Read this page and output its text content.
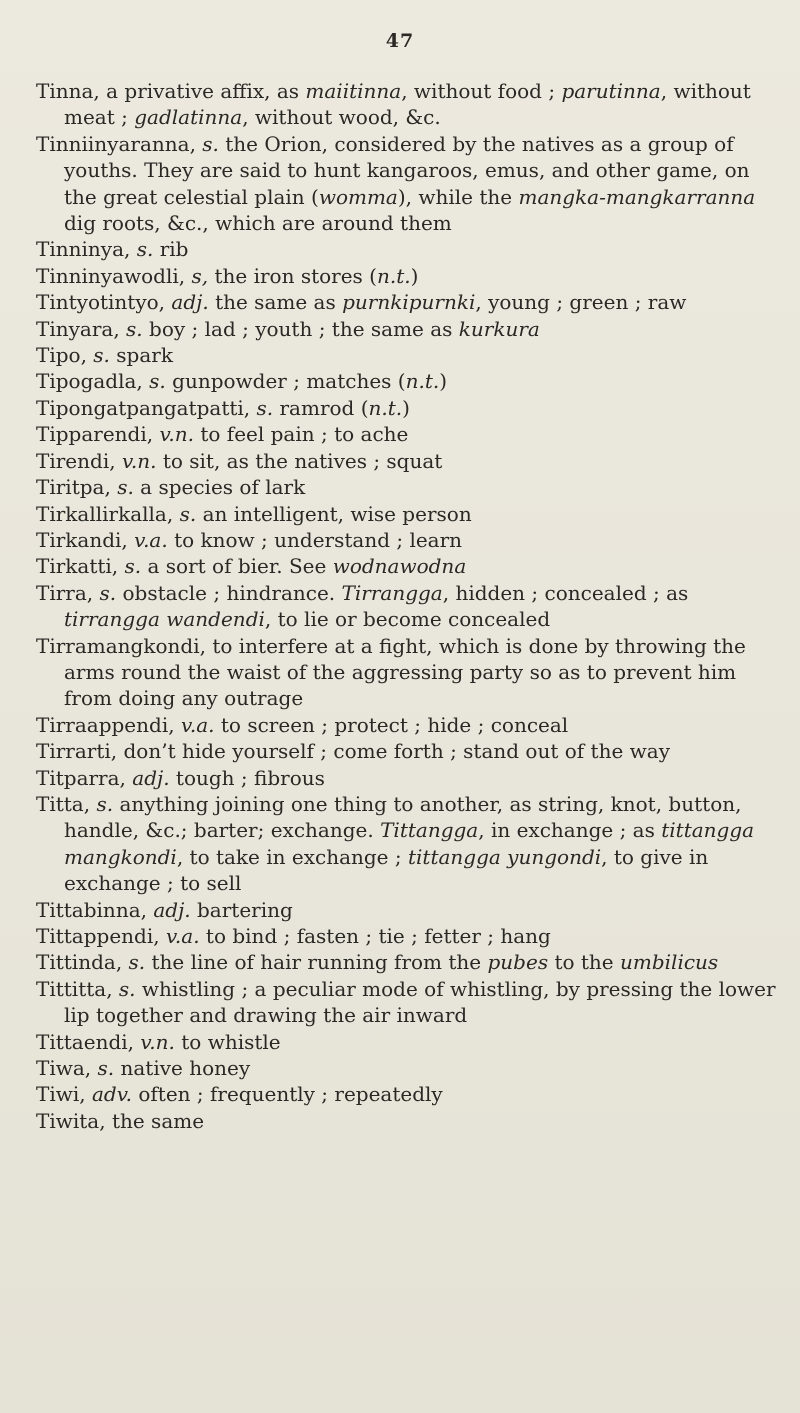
47

Tinna, a privative affix, as maiitinna, without food ; parutinna, without meat ; gadlatinna, without wood, &c.

Tinniinyaranna, s. the Orion, considered by the natives as a group of youths. They are said to hunt kangaroos, emus, and other game, on the great celestial plain (womma), while the mangka-mangkarranna dig roots, &c., which are around them

Tinninya, s. rib

Tinninyawodli, s, the iron stores (n.t.)

Tintyotintyo, adj. the same as purnkipurnki, young ; green ; raw

Tinyara, s. boy ; lad ; youth ; the same as kurkura

Tipo, s. spark

Tipogadla, s. gunpowder ; matches (n.t.)

Tipongatpangatpatti, s. ramrod (n.t.)

Tipparendi, v.n. to feel pain ; to ache

Tirendi, v.n. to sit, as the natives ; squat

Tiritpa, s. a species of lark

Tirkallirkalla, s. an intelligent, wise person

Tirkandi, v.a. to know ; understand ; learn

Tirkatti, s. a sort of bier. See wodnawodna

Tirra, s. obstacle ; hindrance. Tirrangga, hidden ; concealed ; as tirrangga wandendi, to lie or become concealed

Tirramangkondi, to interfere at a fight, which is done by throwing the arms round the waist of the aggressing party so as to prevent him from doing any outrage

Tirraappendi, v.a. to screen ; protect ; hide ; conceal

Tirrarti, don’t hide yourself ; come forth ; stand out of the way

Titparra, adj. tough ; fibrous

Titta, s. anything joining one thing to another, as string, knot, button, handle, &c.; barter; exchange. Tittangga, in exchange ; as tittangga mangkondi, to take in exchange ; tittangga yungondi, to give in exchange ; to sell

Tittabinna, adj. bartering

Tittappendi, v.a. to bind ; fasten ; tie ; fetter ; hang

Tittinda, s. the line of hair running from the pubes to the umbilicus

Tittitta, s. whistling ; a peculiar mode of whistling, by pressing the lower lip together and drawing the air inward

Tittaendi, v.n. to whistle

Tiwa, s. native honey

Tiwi, adv. often ; frequently ; repeatedly

Tiwita, the same
